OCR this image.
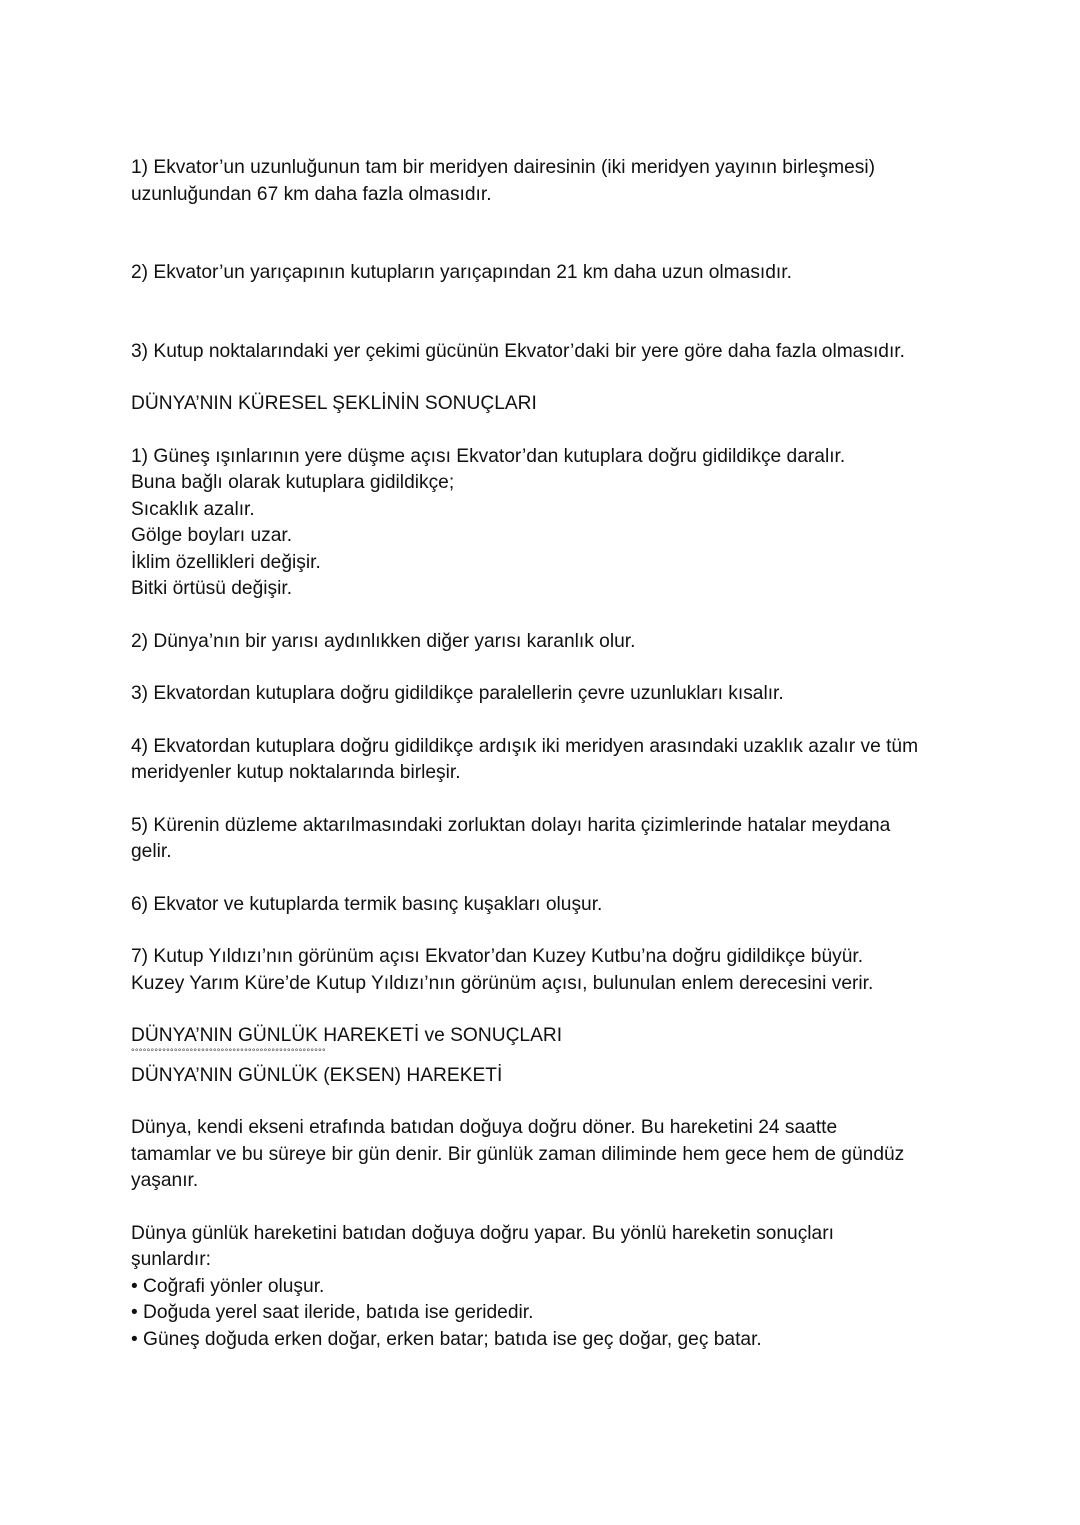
1) Ekvator’un uzunluğunun tam bir meridyen dairesinin (iki meridyen yayının birleşmesi)
uzunluğundan 67 km daha fazla olmasıdır.
2) Ekvator’un yarıçapının kutupların yarıçapından 21 km daha uzun olmasıdır.
3) Kutup noktalarındaki yer çekimi gücünün Ekvator’daki bir yere göre daha fazla olmasıdır.
DÜNYA’NIN KÜRESEL ŞEKLİNİN SONUÇLARI
1) Güneş ışınlarının yere düşme açısı Ekvator’dan kutuplara doğru gidildikçe daralır.
Buna bağlı olarak kutuplara gidildikçe;
Sıcaklık azalır.
Gölge boyları uzar.
İklim özellikleri değişir.
Bitki örtüsü değişir.
2) Dünya’nın bir yarısı aydınlıkken diğer yarısı karanlık olur.
3) Ekvatordan kutuplara doğru gidildikçe paralellerin çevre uzunlukları kısalır.
4) Ekvatordan kutuplara doğru gidildikçe ardışık iki meridyen arasındaki uzaklık azalır ve tüm
meridyenler kutup noktalarında birleşir.
5) Kürenin düzleme aktarılmasındaki zorluktan dolayı harita çizimlerinde hatalar meydana
gelir.
6) Ekvator ve kutuplarda termik basınç kuşakları oluşur.
7) Kutup Yıldızı’nın görünüm açısı Ekvator’dan Kuzey Kutbu’na doğru gidildikçe büyür.
Kuzey Yarım Küre’de Kutup Yıldızı’nın görünüm açısı, bulunulan enlem derecesini verir.
DÜNYA’NIN GÜNLÜK HAREKETİ ve SONUÇLARI
°°°°°°°°°°°°°°°°°°°°°°°°°°°°°°°°°°°°°°°°°°°°°°°°°°
DÜNYA’NIN GÜNLÜK (EKSEN) HAREKETİ
Dünya, kendi ekseni etrafında batıdan doğuya doğru döner. Bu hareketini 24 saatte
tamamlar ve bu süreye bir gün denir. Bir günlük zaman diliminde hem gece hem de gündüz
yaşanır.
Dünya günlük hareketini batıdan doğuya doğru yapar. Bu yönlü hareketin sonuçları
şunlardır:
• Coğrafi yönler oluşur.
• Doğuda yerel saat ileride, batıda ise geridedir.
• Güneş doğuda erken doğar, erken batar; batıda ise geç doğar, geç batar.
